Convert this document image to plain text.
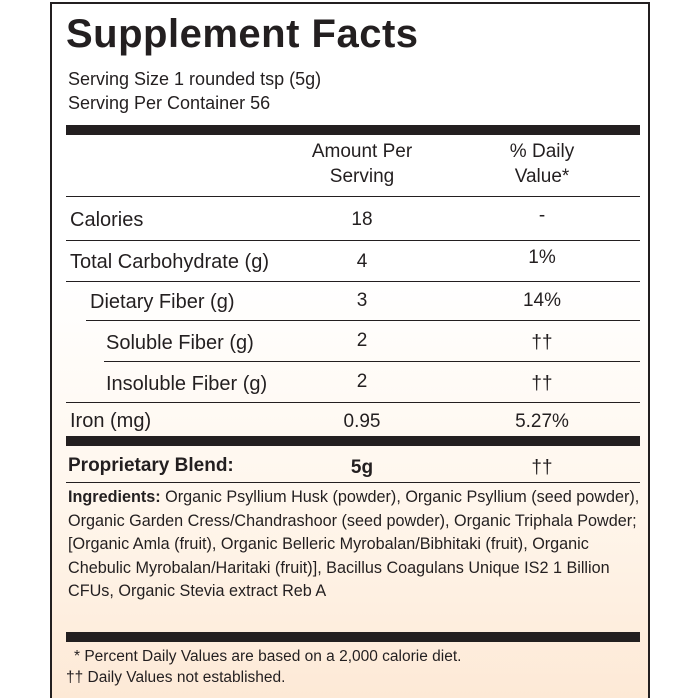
Supplement Facts
Serving Size 1 rounded tsp (5g)
Serving Per Container 56
Amount Per
Serving
% Daily
Value*
Calories	18	-
Total Carbohydrate (g)	4	1%
Dietary Fiber (g)	3	14%
Soluble Fiber (g)	2	††
Insoluble Fiber (g)	2	††
Iron (mg)	0.95	5.27%
Proprietary Blend:	5g	††
Ingredients: Organic Psyllium Husk (powder), Organic Psyllium (seed powder), Organic Garden Cress/Chandrashoor (seed powder), Organic Triphala Powder; [Organic Amla (fruit), Organic Belleric Myrobalan/Bibhitaki (fruit), Organic Chebulic Myrobalan/Haritaki (fruit)], Bacillus Coagulans Unique IS2 1 Billion CFUs, Organic Stevia extract Reb A
* Percent Daily Values are based on a 2,000 calorie diet.
†† Daily Values not established.
